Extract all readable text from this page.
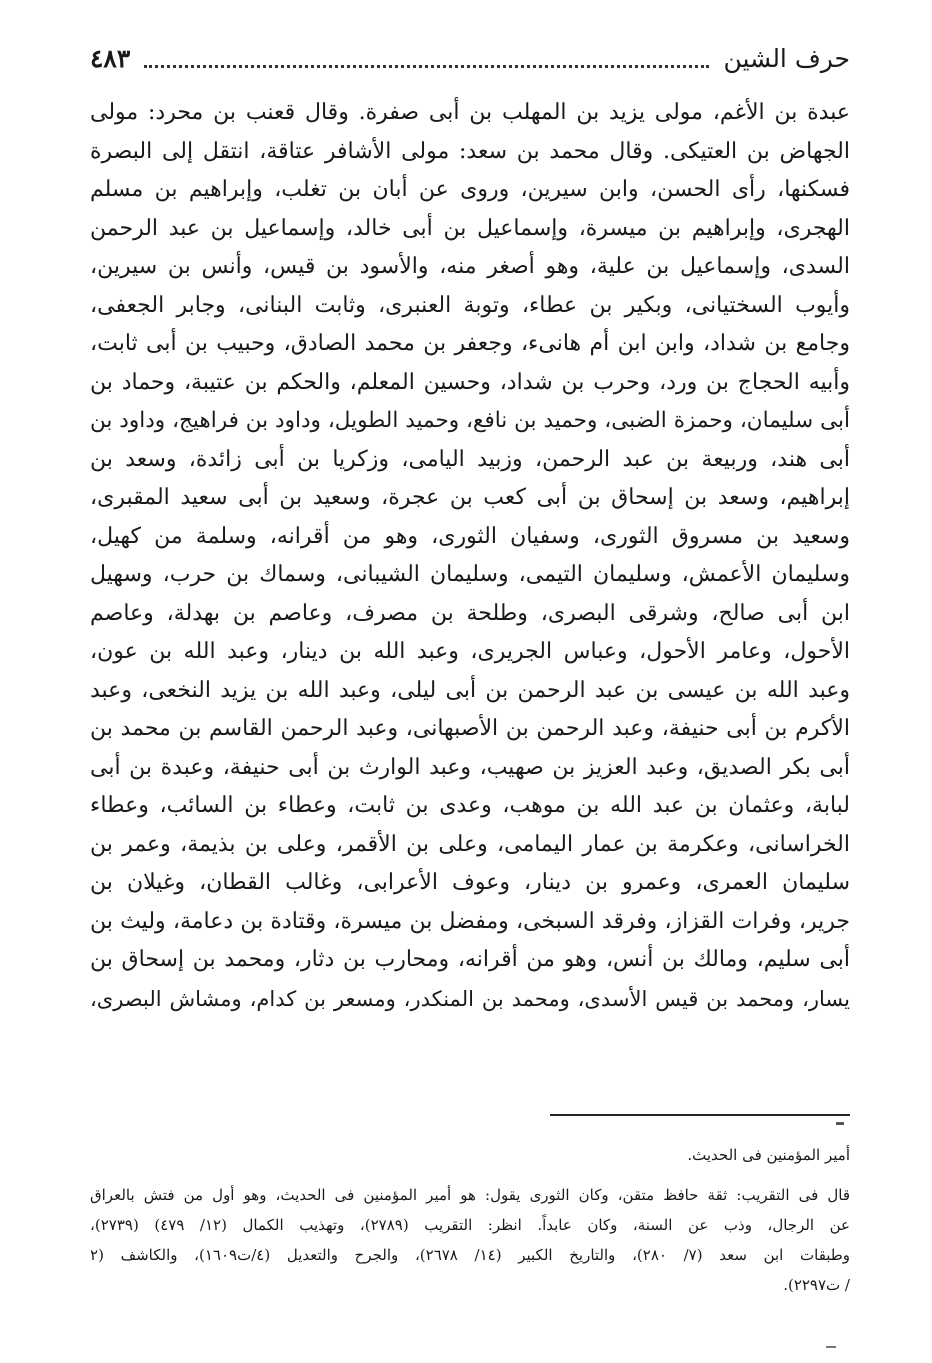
حرف الشين
٤٨٣
عبدة بن الأغم، مولى يزيد بن المهلب بن أبى صفرة. وقال قعنب بن محرد: مولى
الجهاض بن العتيكى. وقال محمد بن سعد: مولى الأشافر عتاقة، انتقل إلى البصرة
فسكنها، رأى الحسن، وابن سيرين، وروى عن أبان بن تغلب، وإبراهيم بن مسلم
الهجرى، وإبراهيم بن ميسرة، وإسماعيل بن أبى خالد، وإسماعيل بن عبد الرحمن
السدى، وإسماعيل بن علية، وهو أصغر منه، والأسود بن قيس، وأنس بن سيرين،
وأيوب السختيانى، وبكير بن عطاء، وتوبة العنبرى، وثابت البنانى، وجابر الجعفى،
وجامع بن شداد، وابن ابن أم هانىء، وجعفر بن محمد الصادق، وحبيب بن أبى ثابت،
وأبيه الحجاج بن ورد، وحرب بن شداد، وحسين المعلم، والحكم بن عتيبة، وحماد بن
أبى سليمان، وحمزة الضبى، وحميد بن نافع، وحميد الطويل، وداود بن فراهيج، وداود بن
أبى هند، وربيعة بن عبد الرحمن، وزبيد اليامى، وزكريا بن أبى زائدة، وسعد بن
إبراهيم، وسعد بن إسحاق بن أبى كعب بن عجرة، وسعيد بن أبى سعيد المقبرى،
وسعيد بن مسروق الثورى، وسفيان الثورى، وهو من أقرانه، وسلمة من كهيل،
وسليمان الأعمش، وسليمان التيمى، وسليمان الشيبانى، وسماك بن حرب، وسهيل
ابن أبى صالح، وشرقى البصرى، وطلحة بن مصرف، وعاصم بن بهدلة، وعاصم
الأحول، وعامر الأحول، وعباس الجريرى، وعبد الله بن دينار، وعبد الله بن عون،
وعبد الله بن عيسى بن عبد الرحمن بن أبى ليلى، وعبد الله بن يزيد النخعى، وعبد
الأكرم بن أبى حنيفة، وعبد الرحمن بن الأصبهانى، وعبد الرحمن القاسم بن محمد بن
أبى بكر الصديق، وعبد العزيز بن صهيب، وعبد الوارث بن أبى حنيفة، وعبدة بن أبى
لبابة، وعثمان بن عبد الله بن موهب، وعدى بن ثابت، وعطاء بن السائب، وعطاء
الخراسانى، وعكرمة بن عمار اليمامى، وعلى بن الأقمر، وعلى بن بذيمة، وعمر بن
سليمان العمرى، وعمرو بن دينار، وعوف الأعرابى، وغالب القطان، وغيلان بن
جرير، وفرات القزاز، وفرقد السبخى، ومفضل بن ميسرة، وقتادة بن دعامة، وليث بن
أبى سليم، ومالك بن أنس، وهو من أقرانه، ومحارب بن دثار، ومحمد بن إسحاق بن
يسار، ومحمد بن قيس الأسدى، ومحمد بن المنكدر، ومسعر بن كدام، ومشاش البصرى،
أمير المؤمنين فى الحديث.
قال فى التقريب: ثقة حافظ متقن، وكان الثورى يقول: هو أمير المؤمنين فى الحديث، وهو أول من فتش بالعراق
عن الرجال، وذب عن السنة، وكان عابداً. انظر: التقريب (٢٧٨٩)، وتهذيب الكمال (١٢/ ٤٧٩) (٢٧٣٩)،
وطبقات ابن سعد (٧/ ٢٨٠)، والتاريخ الكبير (١٤/ ٢٦٧٨)، والجرح والتعديل (٤/ت١٦٠٩)، والكاشف (٢
/ ت٢٢٩٧).
